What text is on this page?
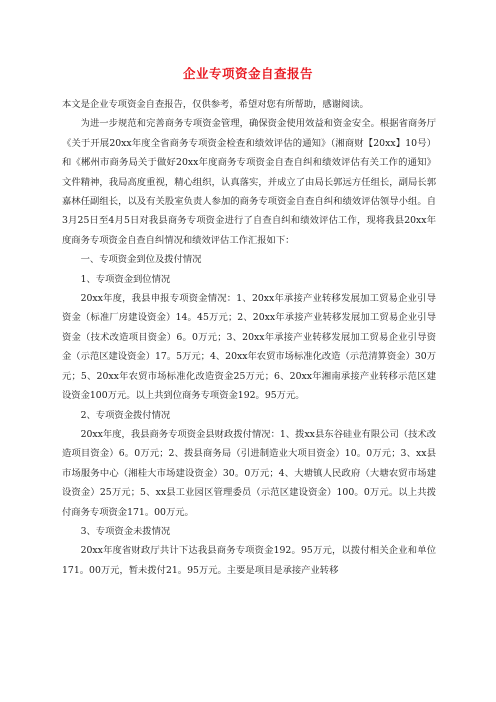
企业专项资金自查报告

本文是企业专项资金自查报告，仅供参考，希望对您有所帮助，感谢阅读。

为进一步规范和完善商务专项资金管理，确保资金使用效益和资金安全。根据省商务厅《关于开展20xx年度全省商务专项资金检查和绩效评估的通知》（湘商财【20xx】10号）和《郴州市商务局关于做好20xx年度商务专项资金自查自纠和绩效评估有关工作的通知》文件精神，我局高度重视，精心组织，认真落实，并成立了由局长郭远方任组长，副局长郭嘉林任副组长，以及有关股室负责人参加的商务专项资金自查自纠和绩效评估领导小组。自3月25日至4月5日对我县商务专项资金进行了自查自纠和绩效评估工作，现将我县20xx年度商务专项资金自查自纠情况和绩效评估工作汇报如下：

一、专项资金到位及拨付情况

1、专项资金到位情况

20xx年度，我县申报专项资金情况：1、20xx年承接产业转移发展加工贸易企业引导资金（标准厂房建设资金）14。45万元；2、20xx年承接产业转移发展加工贸易企业引导资金（技术改造项目资金）6。0万元；3、20xx年承接产业转移发展加工贸易企业引导资金（示范区建设资金）17。5万元；4、20xx年农贸市场标准化改造（示范清算资金）30万元；5、20xx年农贸市场标准化改造资金25万元；6、20xx年湘南承接产业转移示范区建设资金100万元。以上共到位商务专项资金192。95万元。

2、专项资金拨付情况

20xx年度，我县商务专项资金县财政拨付情况：1、拨xx县东谷硅业有限公司（技术改造项目资金）6。0万元；2、拨县商务局（引进制造业大项目资金）10。0万元；3、xx县市场服务中心（湘桂大市场建设资金）30。0万元；4、大塘镇人民政府（大塘农贸市场建设资金）25万元；5、xx县工业园区管理委员（示范区建设资金）100。0万元。以上共拨付商务专项资金171。00万元。

3、专项资金未拨情况

20xx年度省财政厅共计下达我县商务专项资金192。95万元，以拨付相关企业和单位171。00万元，暂未拨付21。95万元。主要是项目是承接产业转移
